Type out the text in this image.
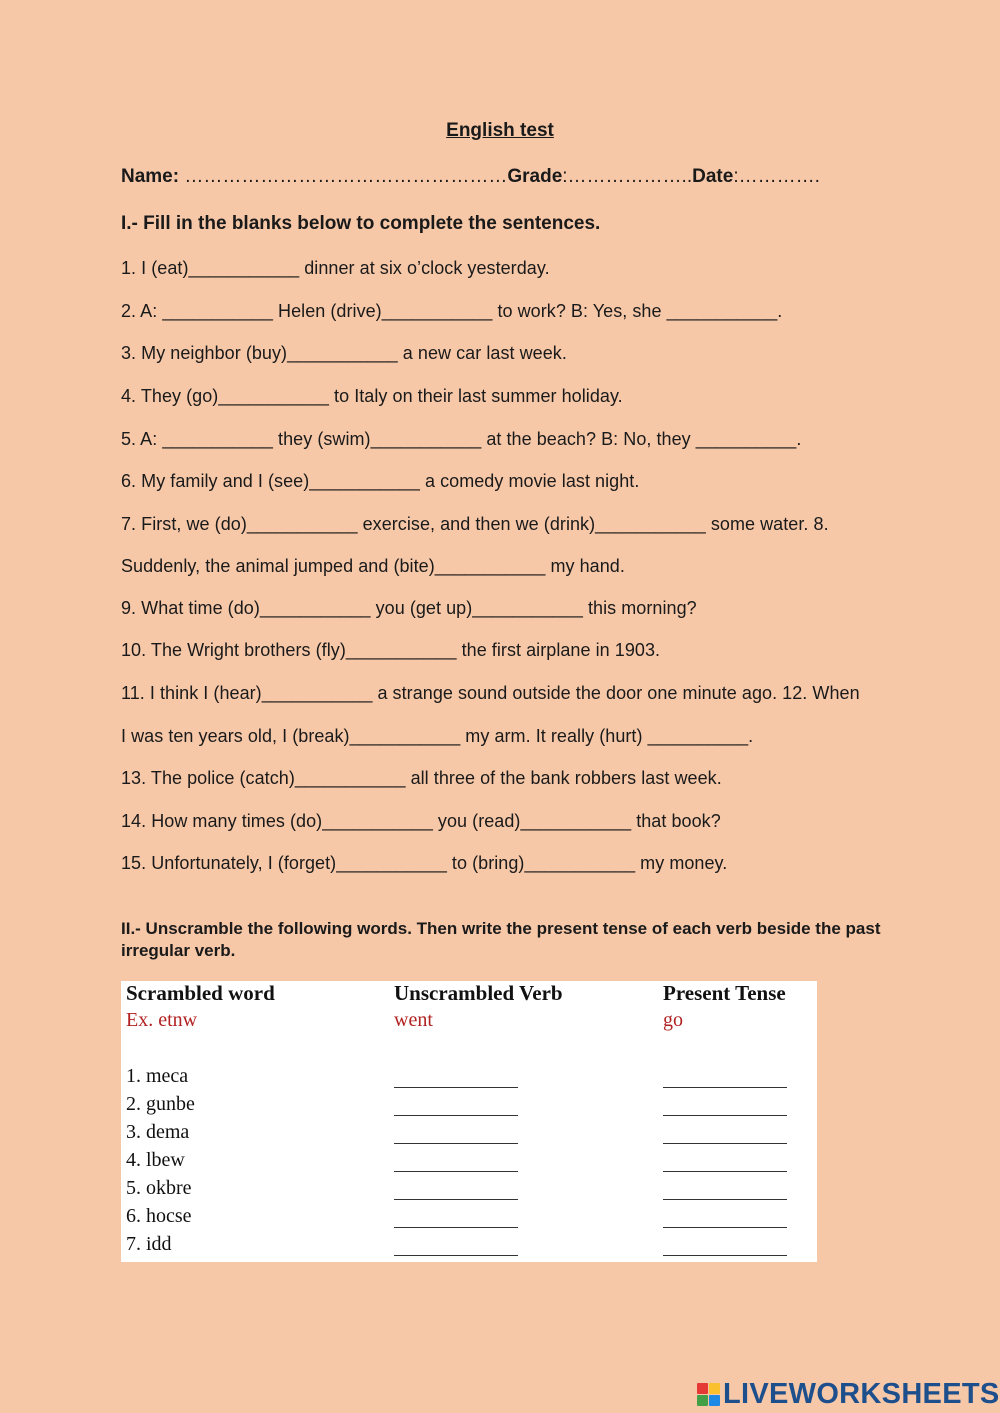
English test
Name: ……………………………………………Grade:………………..Date:………….
I.- Fill in the blanks below to complete the sentences.
1. I (eat)___________ dinner at six o’clock yesterday.
2. A: ___________ Helen (drive)___________ to work? B: Yes, she ___________.
3. My neighbor (buy)___________ a new car last week.
4. They (go)___________ to Italy on their last summer holiday.
5. A: ___________ they (swim)___________ at the beach? B: No, they __________.
6. My family and I (see)___________ a comedy movie last night.
7. First, we (do)___________ exercise, and then we (drink)___________ some water. 8.
Suddenly, the animal jumped and (bite)___________ my hand.
9. What time (do)___________ you (get up)___________ this morning?
10. The Wright brothers (fly)___________ the first airplane in 1903.
11. I think I (hear)___________ a strange sound outside the door one minute ago. 12. When
I was ten years old, I (break)___________ my arm. It really (hurt) __________.
13. The police (catch)___________ all three of the bank robbers last week.
14. How many times (do)___________ you (read)___________ that book?
15. Unfortunately, I (forget)___________ to (bring)___________ my money.
II.- Unscramble the following words. Then write the present tense of each verb beside the past irregular verb.
Scrambled word	Unscrambled Verb	Present Tense
Ex. etnw	went	go
1. meca
2. gunbe
3. dema
4. lbew
5. okbre
6. hocse
7. idd
LIVEWORKSHEETS
